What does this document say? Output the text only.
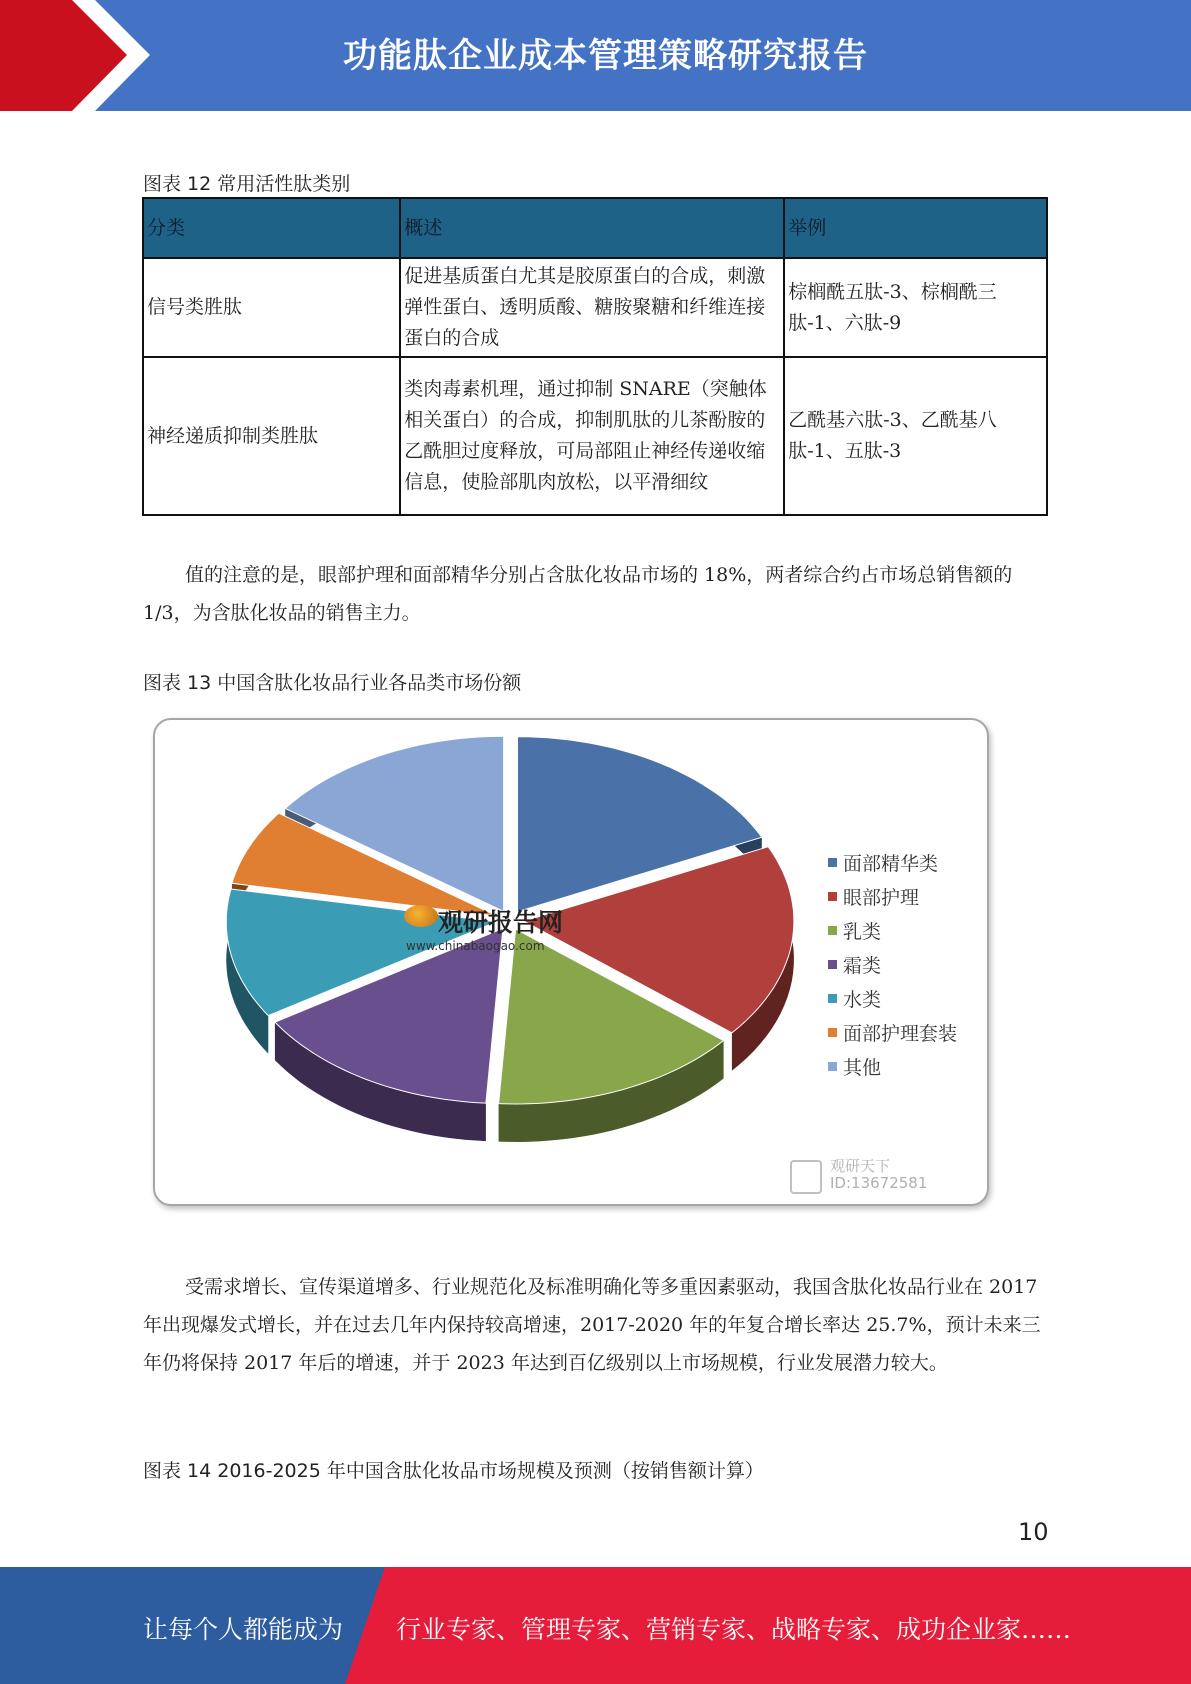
功能肽企业成本管理策略研究报告
图表 12 常用活性肽类别
分类	概述	举例
信号类胜肽	促进基质蛋白尤其是胶原蛋白的合成，刺激弹性蛋白、透明质酸、糖胺聚糖和纤维连接蛋白的合成	棕榈酰五肽-3、棕榈酰三肽-1、六肽-9
神经递质抑制类胜肽	类肉毒素机理，通过抑制 SNARE（突触体相关蛋白）的合成，抑制肌肽的儿茶酚胺的乙酰胆过度释放，可局部阻止神经传递收缩信息，使脸部肌肉放松，以平滑细纹	乙酰基六肽-3、乙酰基八肽-1、五肽-3
值的注意的是，眼部护理和面部精华分别占含肽化妆品市场的 18%，两者综合约占市场总销售额的 1/3，为含肽化妆品的销售主力。
图表 13 中国含肽化妆品行业各品类市场份额
观研报告网
www.chinabaogao.com
面部精华类
眼部护理
乳类
霜类
水类
面部护理套装
其他
观研天下
ID:13672581
受需求增长、宣传渠道增多、行业规范化及标准明确化等多重因素驱动，我国含肽化妆品行业在 2017 年出现爆发式增长，并在过去几年内保持较高增速，2017-2020 年的年复合增长率达 25.7%，预计未来三年仍将保持 2017 年后的增速，并于 2023 年达到百亿级别以上市场规模，行业发展潜力较大。
图表 14 2016-2025 年中国含肽化妆品市场规模及预测（按销售额计算）
10
让每个人都能成为 行业专家、管理专家、营销专家、战略专家、成功企业家……
